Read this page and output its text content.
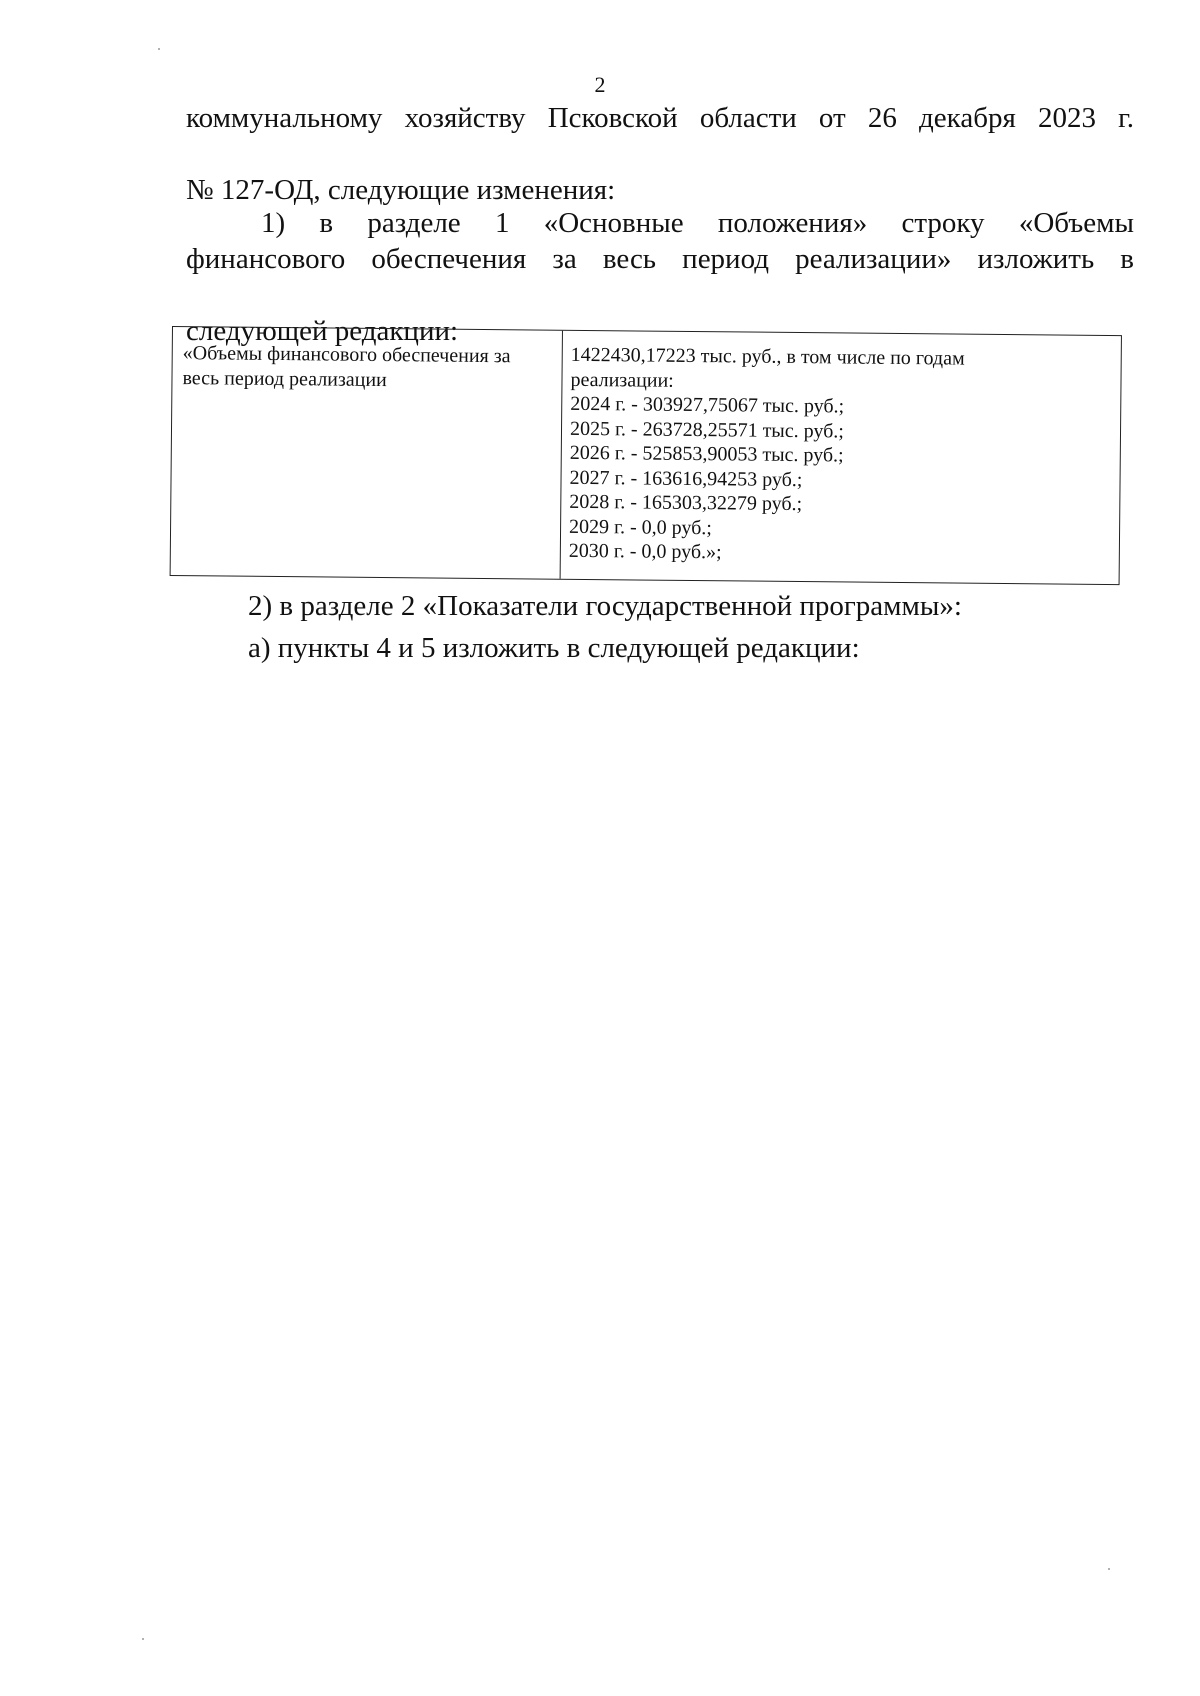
2

коммунальному хозяйству Псковской области от 26 декабря 2023 г.

№ 127-ОД, следующие изменения:

1) в разделе 1 «Основные положения» строку «Объемы

финансового обеспечения за весь период реализации» изложить в

следующей редакции:

«Объемы финансового обеспечения за
весь период реализации
1422430,17223 тыс. руб., в том числе по годам
реализации:
2024 г. - 303927,75067 тыс. руб.;
2025 г. - 263728,25571 тыс. руб.;
2026 г. - 525853,90053 тыс. руб.;
2027 г. - 163616,94253 руб.;
2028 г. - 165303,32279 руб.;
2029 г. - 0,0 руб.;
2030 г. - 0,0 руб.»;

2) в разделе 2 «Показатели государственной программы»:

а) пункты 4 и 5 изложить в следующей редакции:
